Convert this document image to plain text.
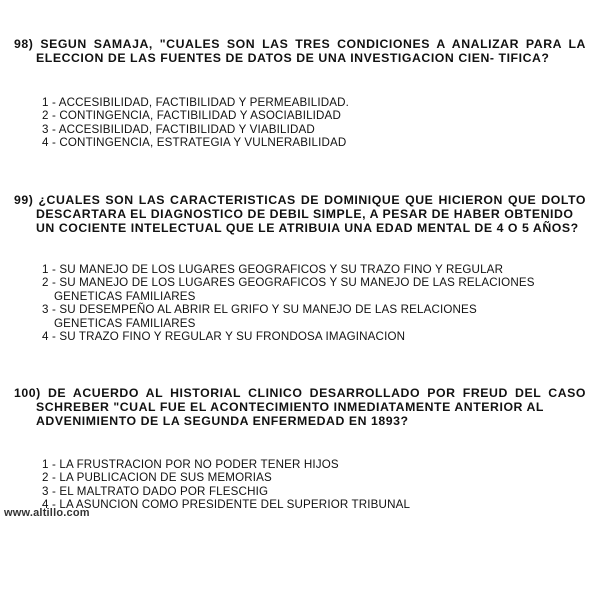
98) SEGUN SAMAJA, "CUALES SON LAS TRES CONDICIONES A ANALIZAR PARA LA
ELECCION DE LAS FUENTES DE DATOS DE UNA INVESTIGACION CIEN- TIFICA?
1 - ACCESIBILIDAD, FACTIBILIDAD Y PERMEABILIDAD.
2 - CONTINGENCIA, FACTIBILIDAD Y ASOCIABILIDAD
3 - ACCESIBILIDAD, FACTIBILIDAD Y VIABILIDAD
4 - CONTINGENCIA, ESTRATEGIA Y VULNERABILIDAD
99) ¿CUALES SON LAS CARACTERISTICAS DE DOMINIQUE QUE HICIERON QUE DOLTO
DESCARTARA EL DIAGNOSTICO DE DEBIL SIMPLE, A PESAR DE HABER OBTENIDO
UN COCIENTE INTELECTUAL QUE LE ATRIBUIA UNA EDAD MENTAL DE 4 O 5 AÑOS?
1 - SU MANEJO DE LOS LUGARES GEOGRAFICOS Y SU TRAZO FINO Y REGULAR
2 - SU MANEJO DE LOS LUGARES GEOGRAFICOS Y SU MANEJO DE LAS RELACIONES
GENETICAS FAMILIARES
3 - SU DESEMPEÑO AL ABRIR EL GRIFO Y SU MANEJO DE LAS RELACIONES
GENETICAS FAMILIARES
4 - SU TRAZO FINO Y REGULAR Y SU FRONDOSA IMAGINACION
100) DE ACUERDO AL HISTORIAL CLINICO DESARROLLADO POR FREUD DEL CASO
SCHREBER "CUAL FUE EL ACONTECIMIENTO INMEDIATAMENTE ANTERIOR AL
ADVENIMIENTO DE LA SEGUNDA ENFERMEDAD EN 1893?
1 - LA FRUSTRACION POR NO PODER TENER HIJOS
2 - LA PUBLICACION DE SUS MEMORIAS
3 - EL MALTRATO DADO POR FLESCHIG
4 - LA ASUNCION COMO PRESIDENTE DEL SUPERIOR TRIBUNAL
www.altillo.com
